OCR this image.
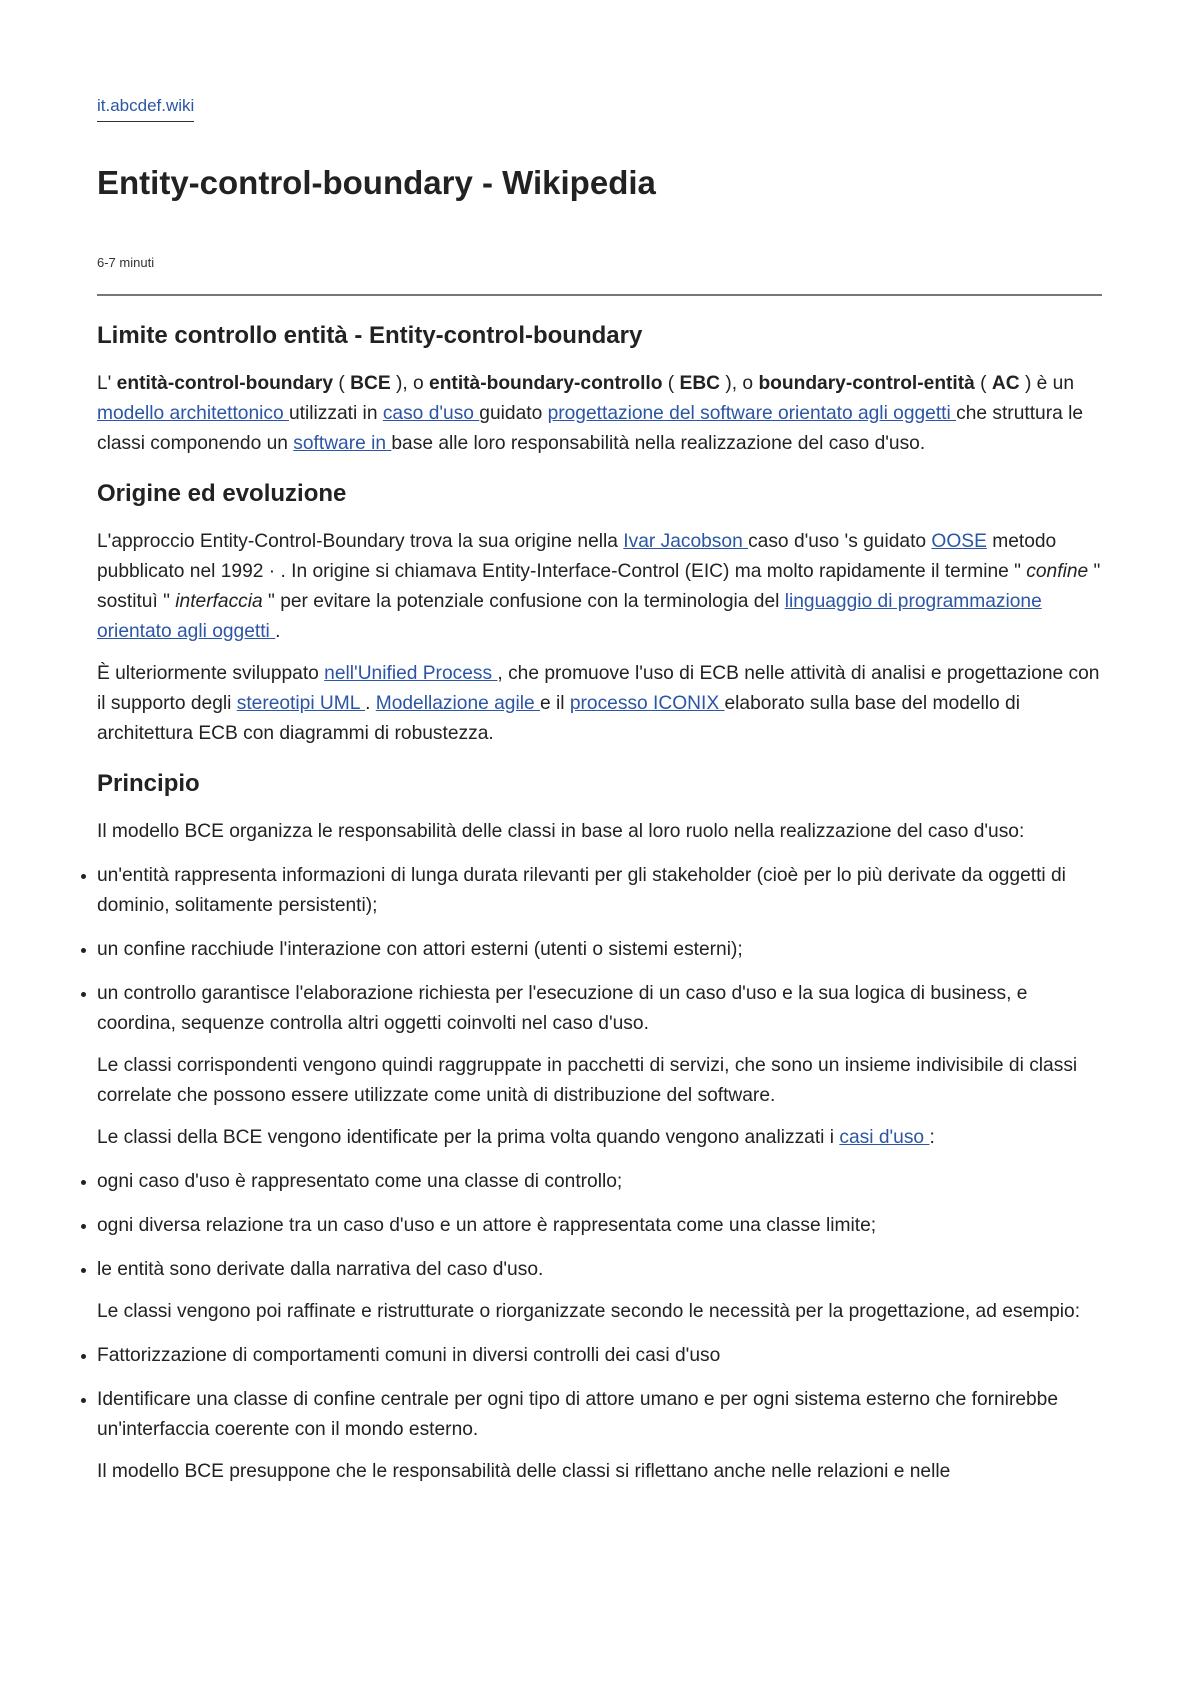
it.abcdef.wiki
Entity-control-boundary - Wikipedia
6-7 minuti
Limite controllo entità - Entity-control-boundary

L' entità-control-boundary ( BCE ), o entità-boundary-controllo ( EBC ), o boundary-control-entità ( AC ) è un modello architettonico utilizzati in caso d'uso guidato progettazione del software orientato agli oggetti che struttura le classi componendo un software in base alle loro responsabilità nella realizzazione del caso d'uso.

Origine ed evoluzione

L'approccio Entity-Control-Boundary trova la sua origine nella Ivar Jacobson caso d'uso 's guidato OOSE metodo pubblicato nel 1992 · . In origine si chiamava Entity-Interface-Control (EIC) ma molto rapidamente il termine " confine " sostituì " interfaccia " per evitare la potenziale confusione con la terminologia del linguaggio di programmazione orientato agli oggetti .

È ulteriormente sviluppato nell'Unified Process , che promuove l'uso di ECB nelle attività di analisi e progettazione con il supporto degli stereotipi UML . Modellazione agile e il processo ICONIX elaborato sulla base del modello di architettura ECB con diagrammi di robustezza.

Principio

Il modello BCE organizza le responsabilità delle classi in base al loro ruolo nella realizzazione del caso d'uso:

un'entità rappresenta informazioni di lunga durata rilevanti per gli stakeholder (cioè per lo più derivate da oggetti di dominio, solitamente persistenti);
un confine racchiude l'interazione con attori esterni (utenti o sistemi esterni);
un controllo garantisce l'elaborazione richiesta per l'esecuzione di un caso d'uso e la sua logica di business, e coordina, sequenze controlla altri oggetti coinvolti nel caso d'uso.

Le classi corrispondenti vengono quindi raggruppate in pacchetti di servizi, che sono un insieme indivisibile di classi correlate che possono essere utilizzate come unità di distribuzione del software.

Le classi della BCE vengono identificate per la prima volta quando vengono analizzati i casi d'uso :

ogni caso d'uso è rappresentato come una classe di controllo;
ogni diversa relazione tra un caso d'uso e un attore è rappresentata come una classe limite;
le entità sono derivate dalla narrativa del caso d'uso.

Le classi vengono poi raffinate e ristrutturate o riorganizzate secondo le necessità per la progettazione, ad esempio:

Fattorizzazione di comportamenti comuni in diversi controlli dei casi d'uso
Identificare una classe di confine centrale per ogni tipo di attore umano e per ogni sistema esterno che fornirebbe un'interfaccia coerente con il mondo esterno.

Il modello BCE presuppone che le responsabilità delle classi si riflettano anche nelle relazioni e nelle
